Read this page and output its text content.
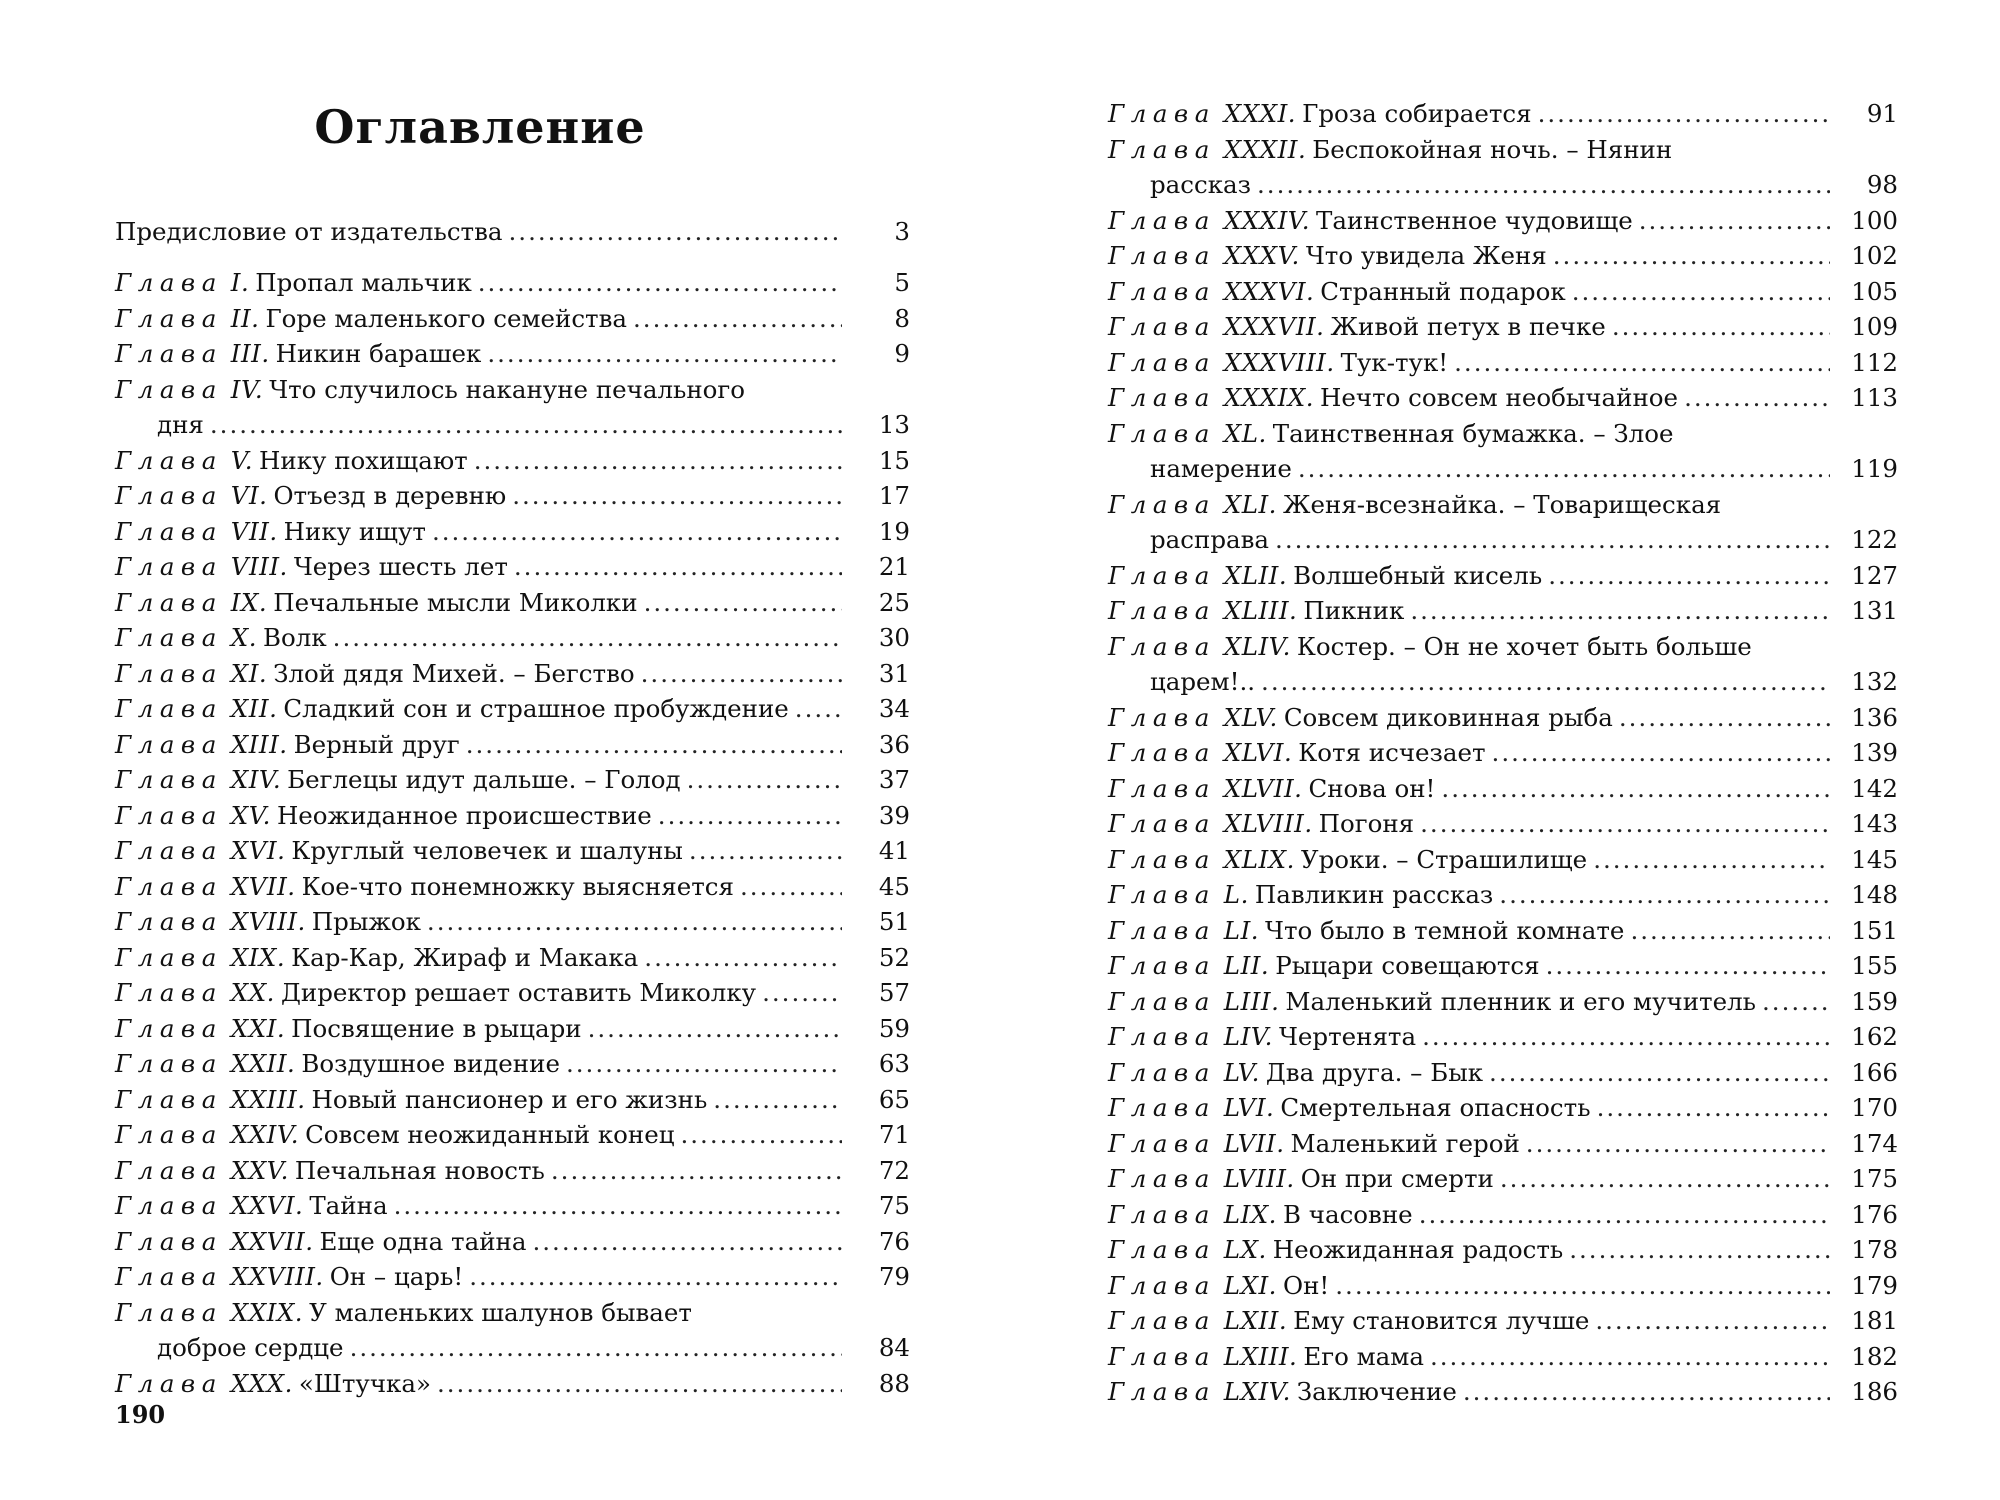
Оглавление
Предисловие от издательства .....	3
Глава I. Пропал мальчик .....	5
Глава II. Горе маленького семейства .....	8
Глава III. Никин барашек .....	9
Глава IV. Что случилось накануне печального
дня .....	13
Глава V. Нику похищают .....	15
Глава VI. Отъезд в деревню .....	17
Глава VII. Нику ищут .....	19
Глава VIII. Через шесть лет .....	21
Глава IX. Печальные мысли Миколки .....	25
Глава X. Волк .....	30
Глава XI. Злой дядя Михей. – Бегство .....	31
Глава XII. Сладкий сон и страшное пробуждение .....	34
Глава XIII. Верный друг .....	36
Глава XIV. Беглецы идут дальше. – Голод .....	37
Глава XV. Неожиданное происшествие .....	39
Глава XVI. Круглый человечек и шалуны .....	41
Глава XVII. Кое-что понемножку выясняется .....	45
Глава XVIII. Прыжок .....	51
Глава XIX. Кар-Кар, Жираф и Макака .....	52
Глава XX. Директор решает оставить Миколку .....	57
Глава XXI. Посвящение в рыцари .....	59
Глава XXII. Воздушное видение .....	63
Глава XXIII. Новый пансионер и его жизнь .....	65
Глава XXIV. Совсем неожиданный конец .....	71
Глава XXV. Печальная новость .....	72
Глава XXVI. Тайна .....	75
Глава XXVII. Еще одна тайна .....	76
Глава XXVIII. Он – царь! .....	79
Глава XXIX. У маленьких шалунов бывает
доброе сердце .....	84
Глава XXX. «Штучка» .....	88
190
Глава XXXI. Гроза собирается .....	91
Глава XXXII. Беспокойная ночь. – Нянин
рассказ .....	98
Глава XXXIV. Таинственное чудовище .....	100
Глава XXXV. Что увидела Женя .....	102
Глава XXXVI. Странный подарок .....	105
Глава XXXVII. Живой петух в печке .....	109
Глава XXXVIII. Тук-тук! .....	112
Глава XXXIX. Нечто совсем необычайное .....	113
Глава XL. Таинственная бумажка. – Злое
намерение .....	119
Глава XLI. Женя-всезнайка. – Товарищеская
расправа .....	122
Глава XLII. Волшебный кисель .....	127
Глава XLIII. Пикник .....	131
Глава XLIV. Костер. – Он не хочет быть больше
царем!.. .....	132
Глава XLV. Совсем диковинная рыба .....	136
Глава XLVI. Котя исчезает .....	139
Глава XLVII. Снова он! .....	142
Глава XLVIII. Погоня .....	143
Глава XLIX. Уроки. – Страшилище .....	145
Глава L. Павликин рассказ .....	148
Глава LI. Что было в темной комнате .....	151
Глава LII. Рыцари совещаются .....	155
Глава LIII. Маленький пленник и его мучитель .....	159
Глава LIV. Чертенята .....	162
Глава LV. Два друга. – Бык .....	166
Глава LVI. Смертельная опасность .....	170
Глава LVII. Маленький герой .....	174
Глава LVIII. Он при смерти .....	175
Глава LIX. В часовне .....	176
Глава LX. Неожиданная радость .....	178
Глава LXI. Он! .....	179
Глава LXII. Ему становится лучше .....	181
Глава LXIII. Его мама .....	182
Глава LXIV. Заключение .....	186
